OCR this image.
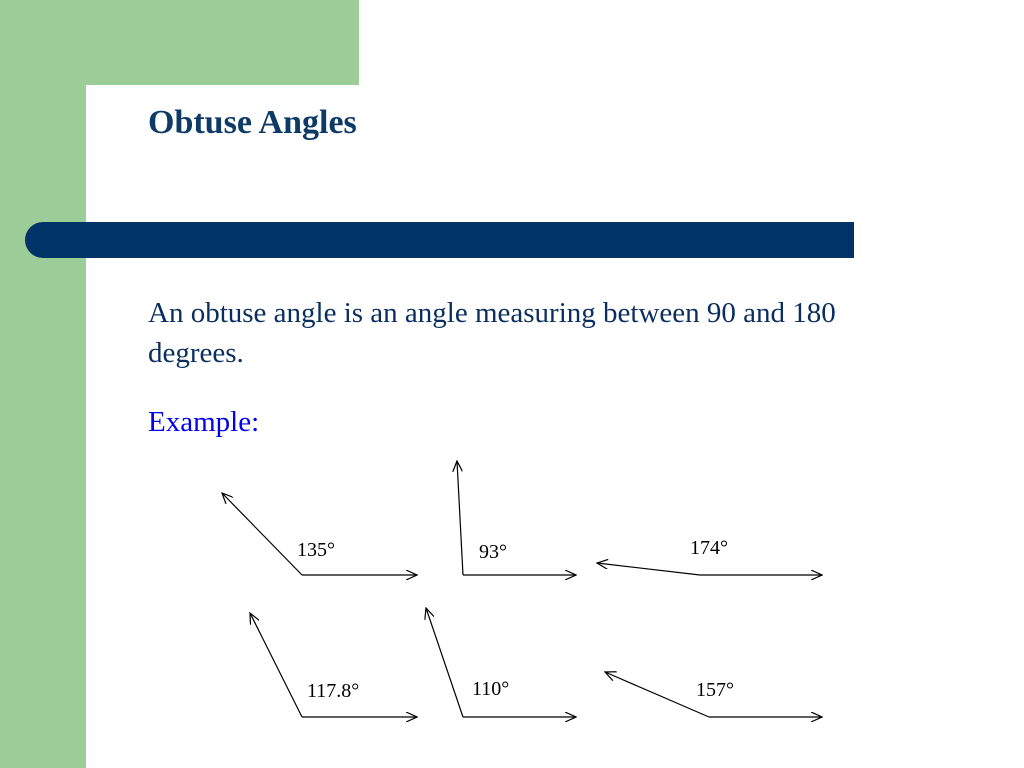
Obtuse Angles

An obtuse angle is an angle measuring between 90 and 180 degrees.

Example:

135°	93°	174°
117.8°	110°	157°
